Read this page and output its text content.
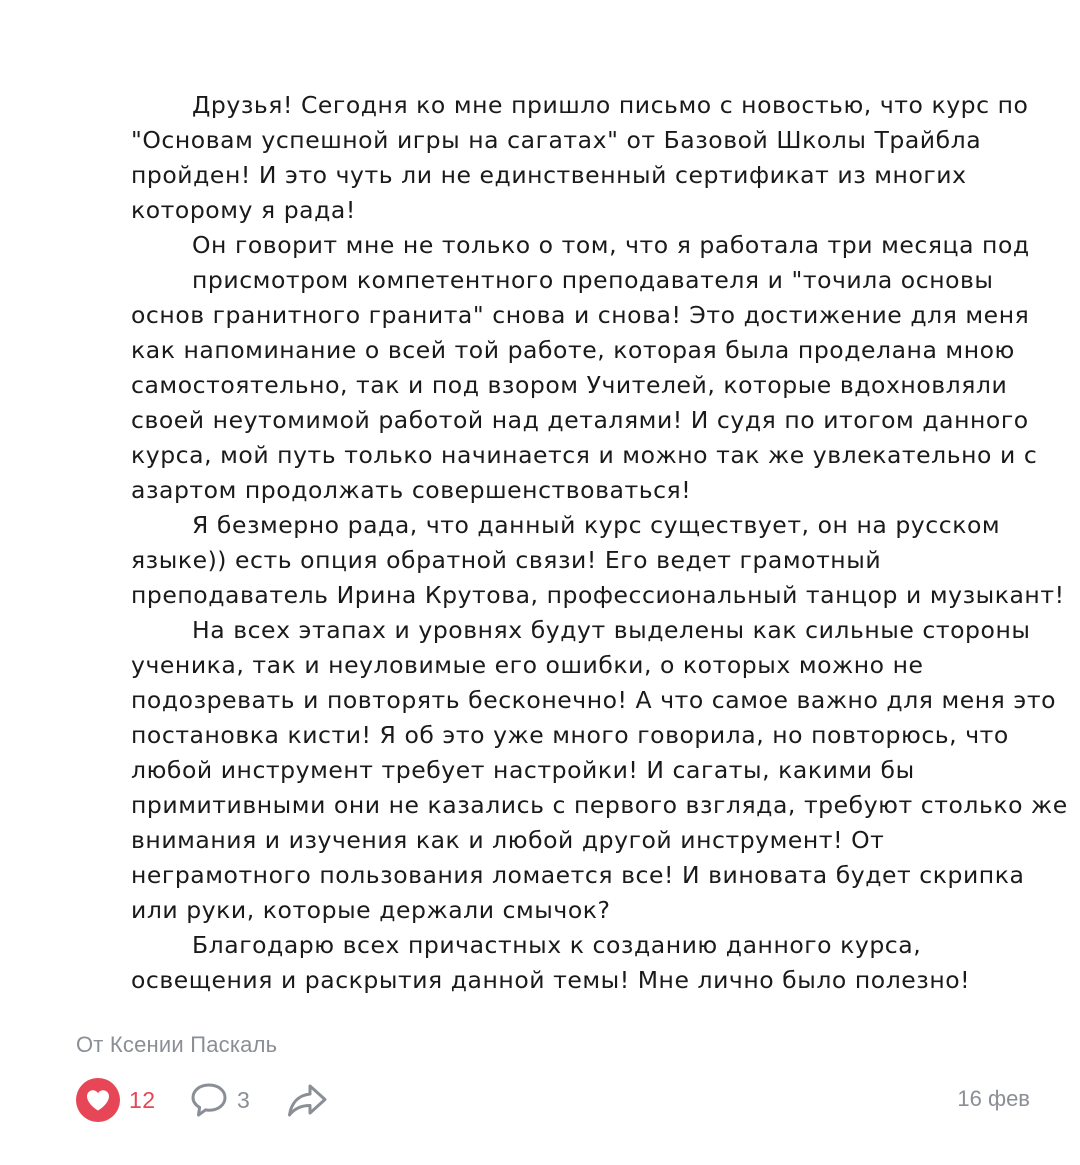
Друзья! Сегодня ко мне пришло письмо с новостью, что курс по
"Основам успешной игры на сагатах" от Базовой Школы Трайбла
пройден! И это чуть ли не единственный сертификат из многих
которому я рада!

Он говорит мне не только о том, что я работала три месяца под
присмотром компетентного преподавателя и "точила основы
основ гранитного гранита" снова и снова! Это достижение для меня
как напоминание о всей той работе, которая была проделана мною
самостоятельно, так и под взором Учителей, которые вдохновляли
своей неутомимой работой над деталями! И судя по итогом данного
курса, мой путь только начинается и можно так же увлекательно и с
азартом продолжать совершенствоваться!

Я безмерно рада, что данный курс существует, он на русском
языке)) есть опция обратной связи! Его ведет грамотный
преподаватель Ирина Крутова, профессиональный танцор и музыкант!

На всех этапах и уровнях будут выделены как сильные стороны
ученика, так и неуловимые его ошибки, о которых можно не
подозревать и повторять бесконечно! А что самое важно для меня это
постановка кисти! Я об это уже много говорила, но повторюсь, что
любой инструмент требует настройки! И сагаты, какими бы
примитивными они не казались с первого взгляда, требуют столько же
внимания и изучения как и любой другой инструмент! От
неграмотного пользования ломается все! И виновата будет скрипка
или руки, которые держали смычок?

Благодарю всех причастных к созданию данного курса,
освещения и раскрытия данной темы! Мне лично было полезно!

От Ксении Паскаль
12	3	16 фев
